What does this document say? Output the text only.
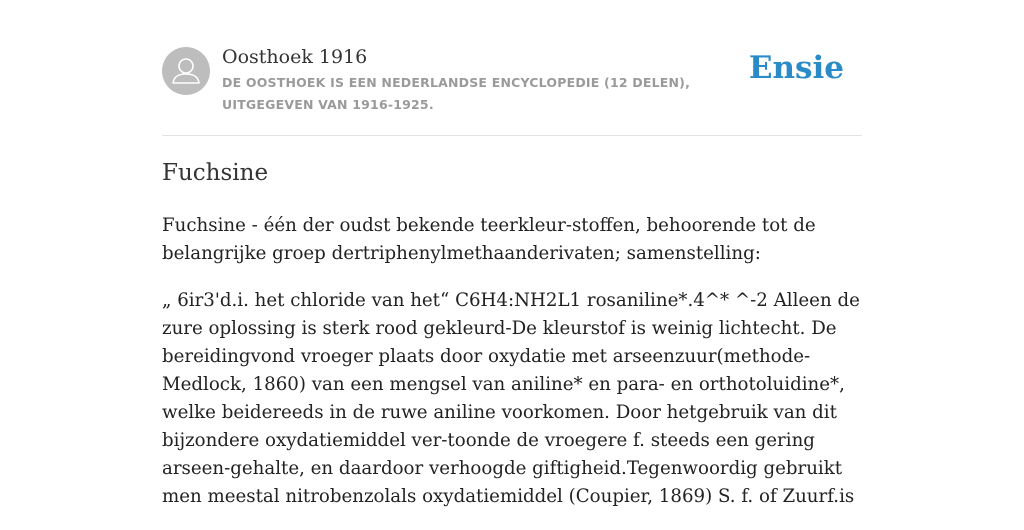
Oosthoek 1916
DE OOSTHOEK IS EEN NEDERLANDSE ENCYCLOPEDIE (12 DELEN), UITGEGEVEN VAN 1916-1925.
Ensie
Fuchsine

Fuchsine - één der oudst bekende teerkleur-stoffen, behoorende tot de belangrijke groep dertriphenylmethaanderivaten; samenstelling:

„ 6ir3'd.i. het chloride van het“ C6H4:NH2L1 rosaniline*.4^* ^-2 Alleen de zure oplossing is sterk rood gekleurd-De kleurstof is weinig lichtecht. De bereidingvond vroeger plaats door oxydatie met arseenzuur(methode-Medlock, 1860) van een mengsel van aniline* en para- en orthotoluidine*, welke beidereeds in de ruwe aniline voorkomen. Door hetgebruik van dit bijzondere oxydatiemiddel ver-toonde de vroegere f. steeds een gering arseen-gehalte, en daardoor verhoogde giftigheid.Tegenwoordig gebruikt men meestal nitrobenzolals oxydatiemiddel (Coupier, 1869) S. f. of Zuurf.is
